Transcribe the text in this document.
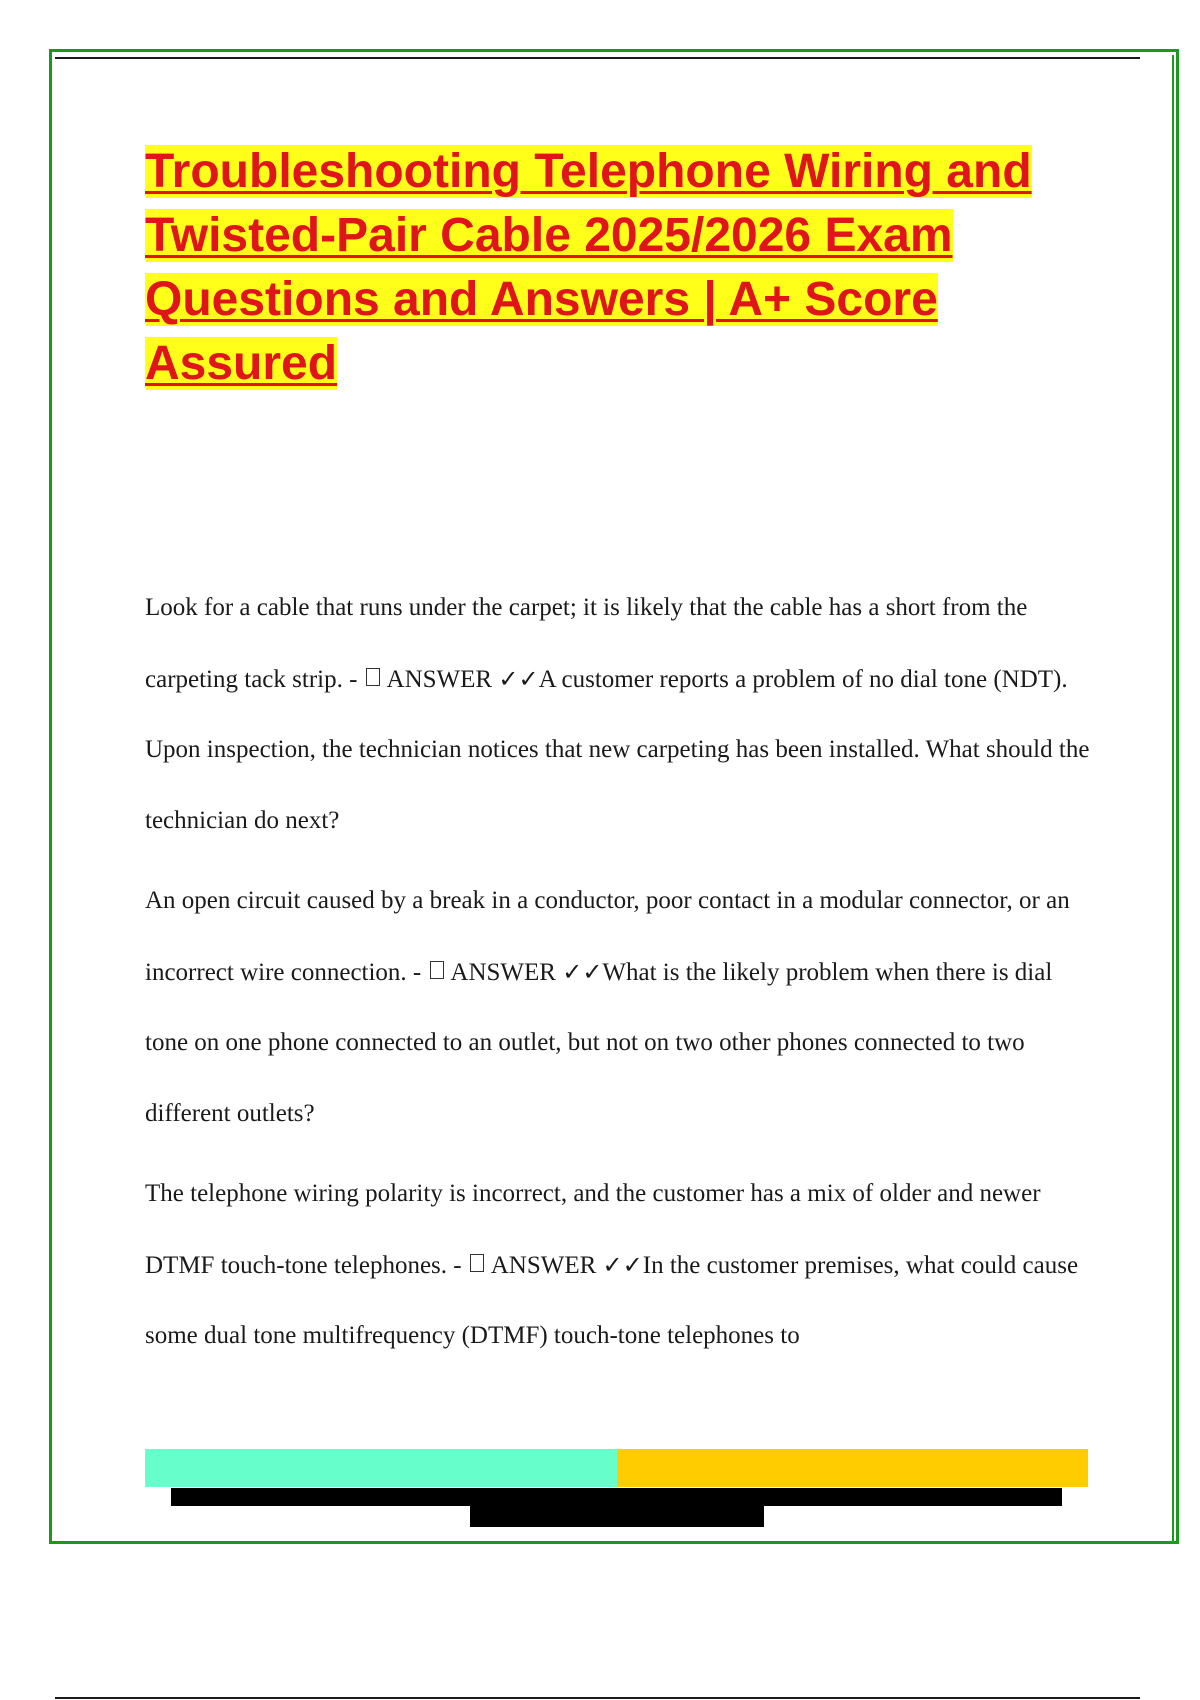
Troubleshooting Telephone Wiring and
Twisted-Pair Cable 2025/2026 Exam
Questions and Answers | A+ Score
Assured

Look for a cable that runs under the carpet; it is likely that the cable has a short from the carpeting tack strip. -  ANSWER ✓✓A customer reports a problem of no dial tone (NDT). Upon inspection, the technician notices that new carpeting has been installed. What should the technician do next?

An open circuit caused by a break in a conductor, poor contact in a modular connector, or an incorrect wire connection. -  ANSWER ✓✓What is the likely problem when there is dial tone on one phone connected to an outlet, but not on two other phones connected to two different outlets?

The telephone wiring polarity is incorrect, and the customer has a mix of older and newer DTMF touch-tone telephones. -  ANSWER ✓✓In the customer premises, what could cause some dual tone multifrequency (DTMF) touch-tone telephones to
